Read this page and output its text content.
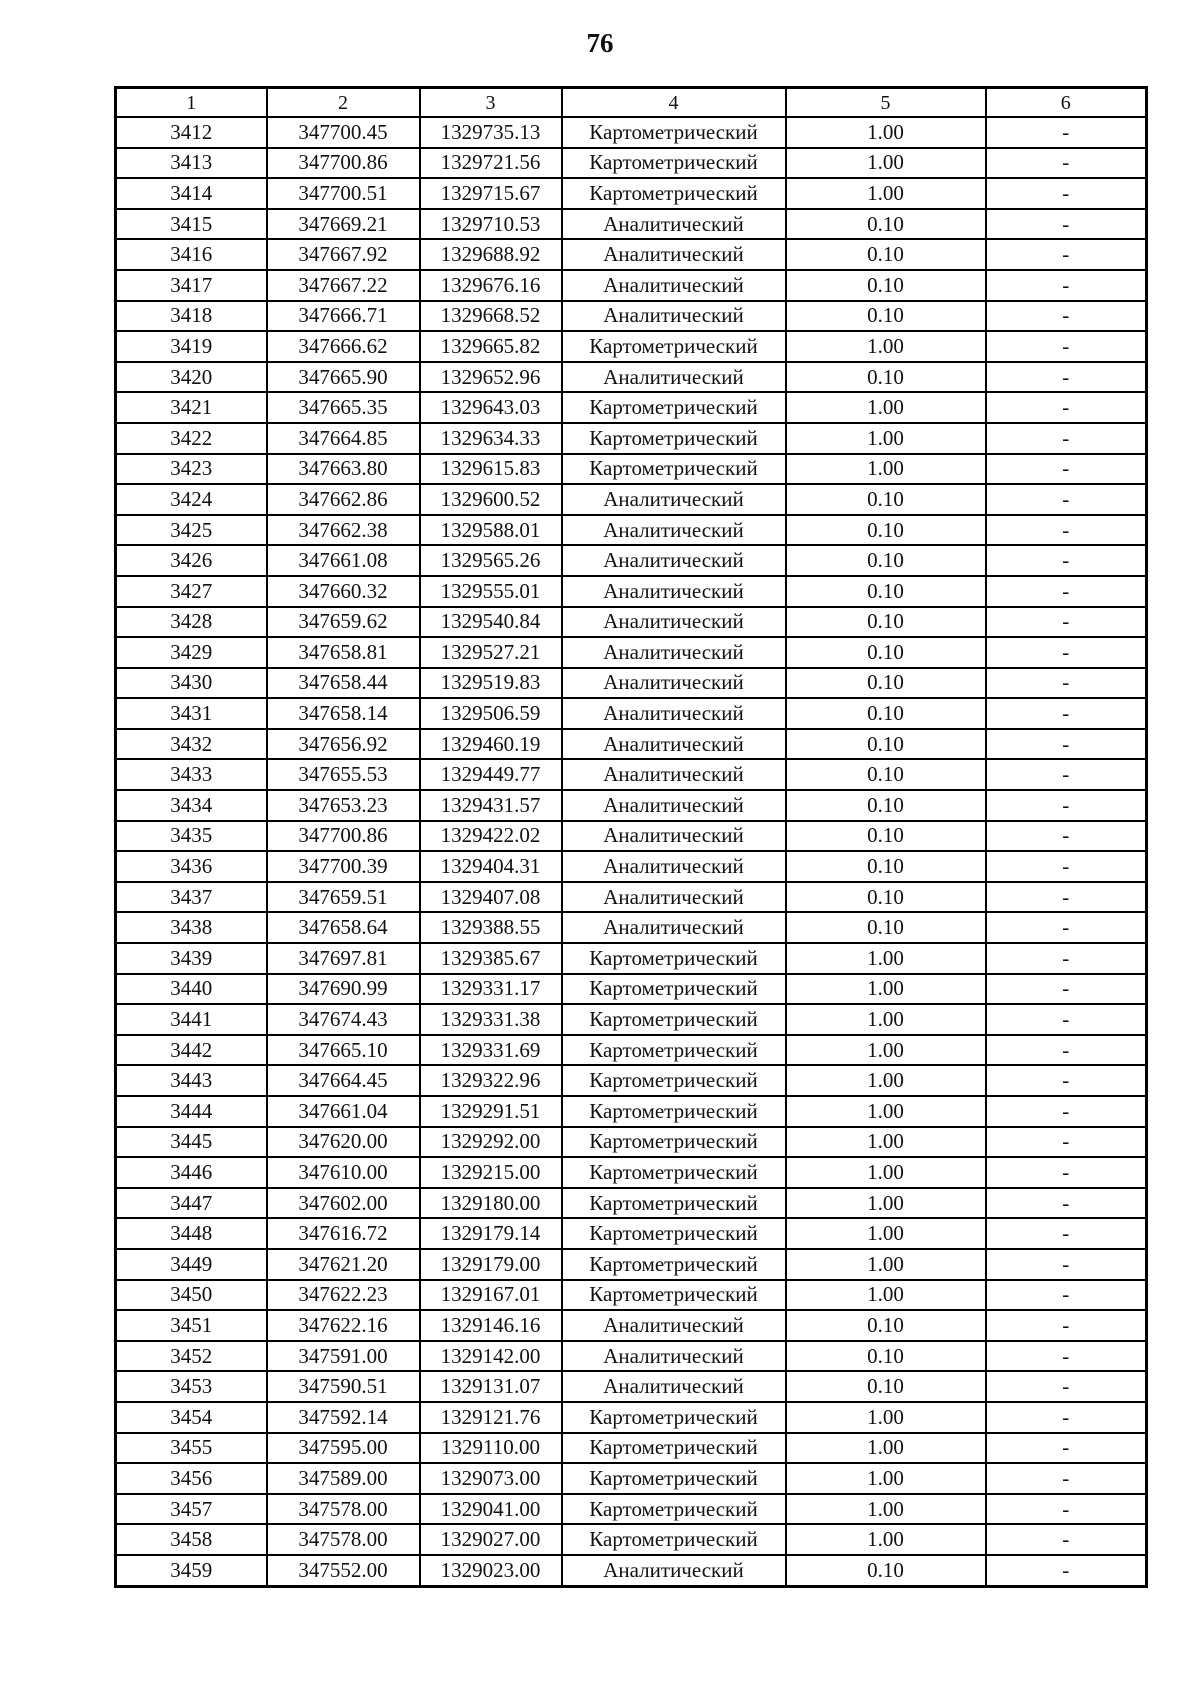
76
1	2	3	4	5	6
3412	347700.45	1329735.13	Картометрический	1.00	-
3413	347700.86	1329721.56	Картометрический	1.00	-
3414	347700.51	1329715.67	Картометрический	1.00	-
3415	347669.21	1329710.53	Аналитический	0.10	-
3416	347667.92	1329688.92	Аналитический	0.10	-
3417	347667.22	1329676.16	Аналитический	0.10	-
3418	347666.71	1329668.52	Аналитический	0.10	-
3419	347666.62	1329665.82	Картометрический	1.00	-
3420	347665.90	1329652.96	Аналитический	0.10	-
3421	347665.35	1329643.03	Картометрический	1.00	-
3422	347664.85	1329634.33	Картометрический	1.00	-
3423	347663.80	1329615.83	Картометрический	1.00	-
3424	347662.86	1329600.52	Аналитический	0.10	-
3425	347662.38	1329588.01	Аналитический	0.10	-
3426	347661.08	1329565.26	Аналитический	0.10	-
3427	347660.32	1329555.01	Аналитический	0.10	-
3428	347659.62	1329540.84	Аналитический	0.10	-
3429	347658.81	1329527.21	Аналитический	0.10	-
3430	347658.44	1329519.83	Аналитический	0.10	-
3431	347658.14	1329506.59	Аналитический	0.10	-
3432	347656.92	1329460.19	Аналитический	0.10	-
3433	347655.53	1329449.77	Аналитический	0.10	-
3434	347653.23	1329431.57	Аналитический	0.10	-
3435	347700.86	1329422.02	Аналитический	0.10	-
3436	347700.39	1329404.31	Аналитический	0.10	-
3437	347659.51	1329407.08	Аналитический	0.10	-
3438	347658.64	1329388.55	Аналитический	0.10	-
3439	347697.81	1329385.67	Картометрический	1.00	-
3440	347690.99	1329331.17	Картометрический	1.00	-
3441	347674.43	1329331.38	Картометрический	1.00	-
3442	347665.10	1329331.69	Картометрический	1.00	-
3443	347664.45	1329322.96	Картометрический	1.00	-
3444	347661.04	1329291.51	Картометрический	1.00	-
3445	347620.00	1329292.00	Картометрический	1.00	-
3446	347610.00	1329215.00	Картометрический	1.00	-
3447	347602.00	1329180.00	Картометрический	1.00	-
3448	347616.72	1329179.14	Картометрический	1.00	-
3449	347621.20	1329179.00	Картометрический	1.00	-
3450	347622.23	1329167.01	Картометрический	1.00	-
3451	347622.16	1329146.16	Аналитический	0.10	-
3452	347591.00	1329142.00	Аналитический	0.10	-
3453	347590.51	1329131.07	Аналитический	0.10	-
3454	347592.14	1329121.76	Картометрический	1.00	-
3455	347595.00	1329110.00	Картометрический	1.00	-
3456	347589.00	1329073.00	Картометрический	1.00	-
3457	347578.00	1329041.00	Картометрический	1.00	-
3458	347578.00	1329027.00	Картометрический	1.00	-
3459	347552.00	1329023.00	Аналитический	0.10	-
